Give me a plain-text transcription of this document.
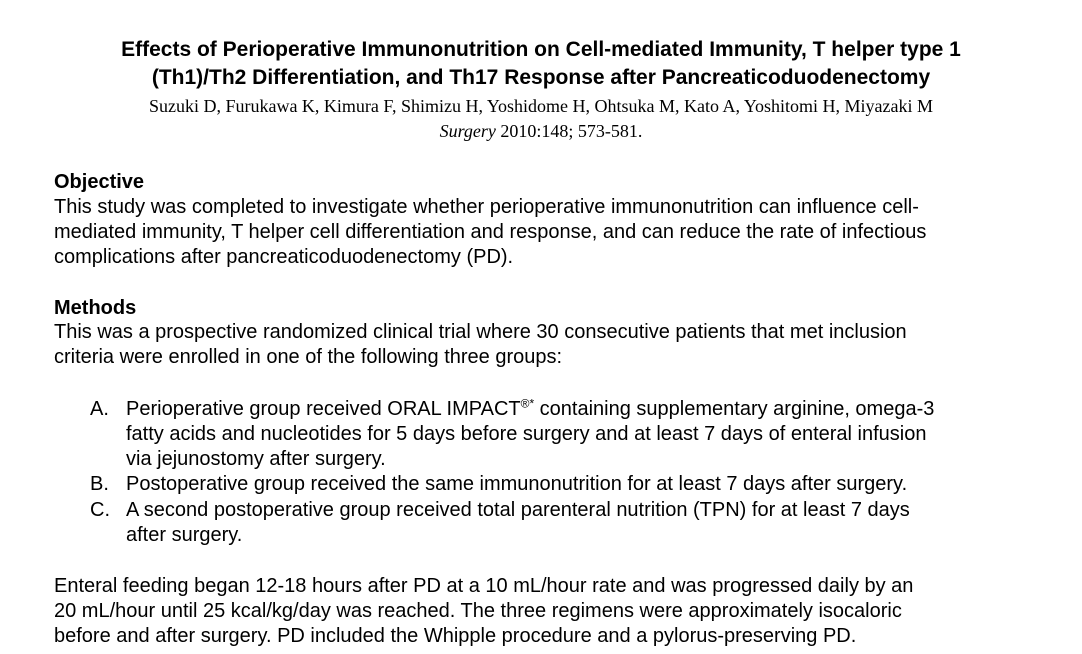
Effects of Perioperative Immunonutrition on Cell-mediated Immunity, T helper type 1
(Th1)/Th2 Differentiation, and Th17 Response after Pancreaticoduodenectomy

Suzuki D, Furukawa K, Kimura F, Shimizu H, Yoshidome H, Ohtsuka M, Kato A, Yoshitomi H, Miyazaki M

Surgery 2010:148; 573-581.

Objective

This study was completed to investigate whether perioperative immunonutrition can influence cell-
mediated immunity, T helper cell differentiation and response, and can reduce the rate of infectious
complications after pancreaticoduodenectomy (PD).

Methods

This was a prospective randomized clinical trial where 30 consecutive patients that met inclusion
criteria were enrolled in one of the following three groups:

A. Perioperative group received ORAL IMPACT®* containing supplementary arginine, omega-3
fatty acids and nucleotides for 5 days before surgery and at least 7 days of enteral infusion
via jejunostomy after surgery.
B. Postoperative group received the same immunonutrition for at least 7 days after surgery.
C. A second postoperative group received total parenteral nutrition (TPN) for at least 7 days
after surgery.

Enteral feeding began 12-18 hours after PD at a 10 mL/hour rate and was progressed daily by an
20 mL/hour until 25 kcal/kg/day was reached. The three regimens were approximately isocaloric
before and after surgery. PD included the Whipple procedure and a pylorus-preserving PD.
